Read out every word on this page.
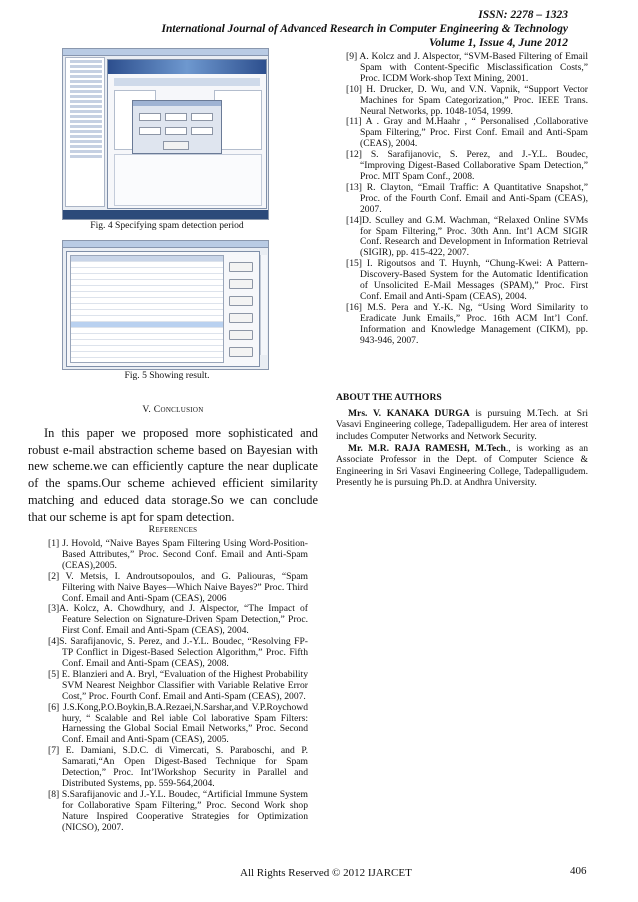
ISSN: 2278 – 1323
International Journal of Advanced Research in Computer Engineering & Technology
Volume 1, Issue 4, June 2012
Fig. 4 Specifying spam detection period
Fig. 5 Showing result.
V. Conclusion
In this paper we proposed more sophisticated and robust e-mail abstraction scheme based on Bayesian with new scheme.we can efficiently capture the near duplicate of the spams.Our scheme achieved efficient similarity matching and educed data storage.So we can conclude that our scheme is apt for spam detection.
References

[1] J. Hovold, “Naive Bayes Spam Filtering Using Word-Position-Based Attributes,” Proc. Second Conf. Email and Anti-Spam (CEAS),2005.

[2] V. Metsis, I. Androutsopoulos, and G. Paliouras, “Spam Filtering with Naive Bayes—Which Naive Bayes?” Proc. Third Conf. Email and Anti-Spam (CEAS), 2006

[3]A. Kolcz, A. Chowdhury, and J. Alspector, “The Impact of Feature Selection on Signature-Driven Spam Detection,” Proc. First Conf. Email and Anti-Spam (CEAS), 2004.

[4]S. Sarafijanovic, S. Perez, and J.-Y.L. Boudec, “Resolving FP-TP Conflict in Digest-Based Selection Algorithm,” Proc. Fifth Conf. Email and Anti-Spam (CEAS), 2008.

[5] E. Blanzieri and A. Bryl, “Evaluation of the Highest Probability SVM Nearest Neighbor Classifier with Variable Relative Error Cost,” Proc. Fourth Conf. Email and Anti-Spam (CEAS), 2007.

[6] J.S.Kong,P.O.Boykin,B.A.Rezaei,N.Sarshar,and V.P.Roychowd hury, “ Scalable and Rel iable Col laborative Spam Filters: Harnessing the Global Social Email Networks,” Proc. Second Conf. Email and Anti-Spam (CEAS), 2005.

[7] E. Damiani, S.D.C. di Vimercati, S. Paraboschi, and P. Samarati,“An Open Digest-Based Technique for Spam Detection,” Proc. Int’lWorkshop Security in Parallel and Distributed Systems, pp. 559-564,2004.

[8] S.Sarafijanovic and J.-Y.L. Boudec, “Artificial Immune System for Collaborative Spam Filtering,” Proc. Second Work shop Nature Inspired Cooperative Strategies for Optimization (NICSO), 2007.

[9] A. Kolcz and J. Alspector, “SVM-Based Filtering of Email Spam with Content-Specific Misclassification Costs,” Proc. ICDM Work-shop Text Mining, 2001.

[10] H. Drucker, D. Wu, and V.N. Vapnik, “Support Vector Machines for Spam Categorization,” Proc. IEEE Trans. Neural Networks, pp. 1048-1054, 1999.

[11] A . Gray and M.Haahr , “ Personalised ,Collaborative Spam Filtering,” Proc. First Conf. Email and Anti-Spam (CEAS), 2004.

[12] S. Sarafijanovic, S. Perez, and J.-Y.L. Boudec, “Improving Digest-Based Collaborative Spam Detection,” Proc. MIT Spam Conf., 2008.

[13] R. Clayton, “Email Traffic: A Quantitative Snapshot,” Proc. of the Fourth Conf. Email and Anti-Spam (CEAS), 2007.

[14]D. Sculley and G.M. Wachman, “Relaxed Online SVMs for Spam Filtering,” Proc. 30th Ann. Int’l ACM SIGIR Conf. Research and Development in Information Retrieval (SIGIR), pp. 415-422, 2007.

[15] I. Rigoutsos and T. Huynh, “Chung-Kwei: A Pattern-Discovery-Based System for the Automatic Identification of Unsolicited E-Mail Messages (SPAM),” Proc. First Conf. Email and Anti-Spam (CEAS), 2004.

[16] M.S. Pera and Y.-K. Ng, “Using Word Similarity to Eradicate Junk Emails,” Proc. 16th ACM Int’l Conf. Information and Knowledge Management (CIKM), pp. 943-946, 2007.

ABOUT THE AUTHORS
Mrs. V. KANAKA DURGA is pursuing M.Tech. at Sri Vasavi Engineering college, Tadepalligudem. Her area of interest includes Computer Networks and Network Security.
Mr. M.R. RAJA RAMESH, M.Tech., is working as an Associate Professor in the Dept. of Computer Science & Engineering in Sri Vasavi Engineering College, Tadepalligudem. Presently he is pursuing Ph.D. at Andhra University.
All Rights Reserved © 2012 IJARCET	406
